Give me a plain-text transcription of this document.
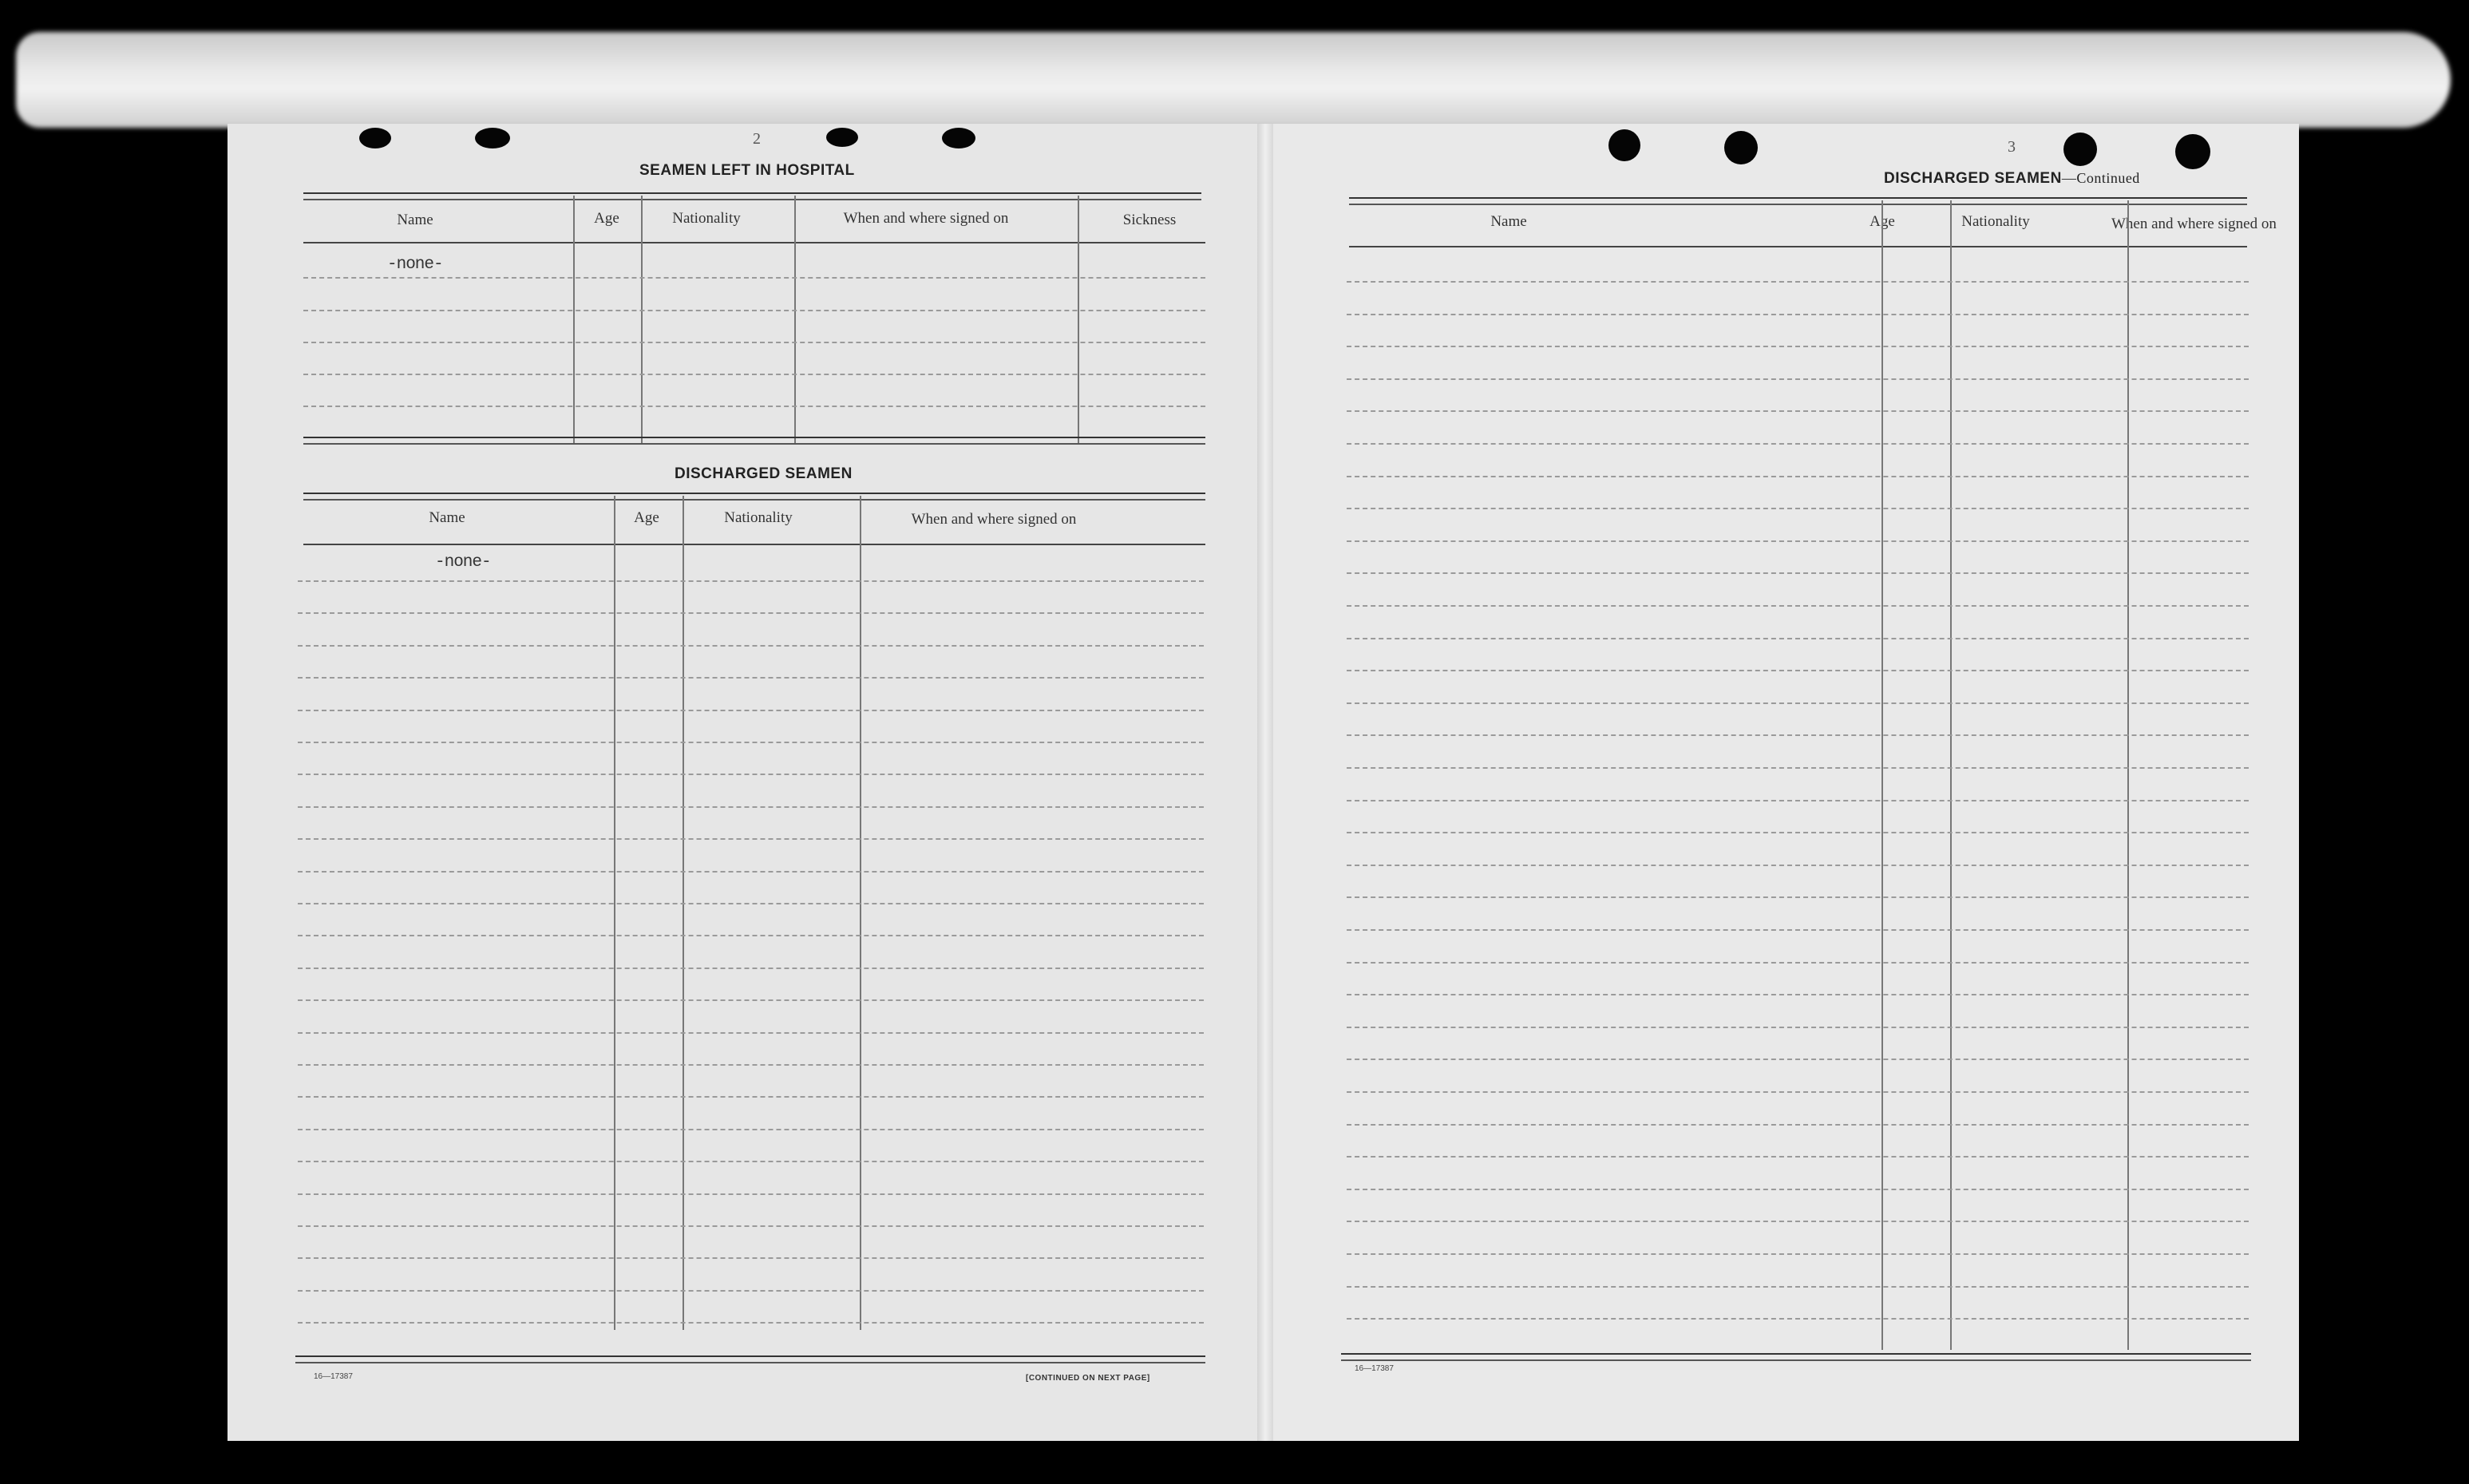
2
SEAMEN LEFT IN HOSPITAL
Name	Age	Nationality	When and where signed on	Sickness
-none-
DISCHARGED SEAMEN
Name	Age	Nationality	When and where signed on
-none-
16—17387	[CONTINUED ON NEXT PAGE]
3
DISCHARGED SEAMEN—Continued
Name	Age	Nationality	When and where signed on
16—17387
